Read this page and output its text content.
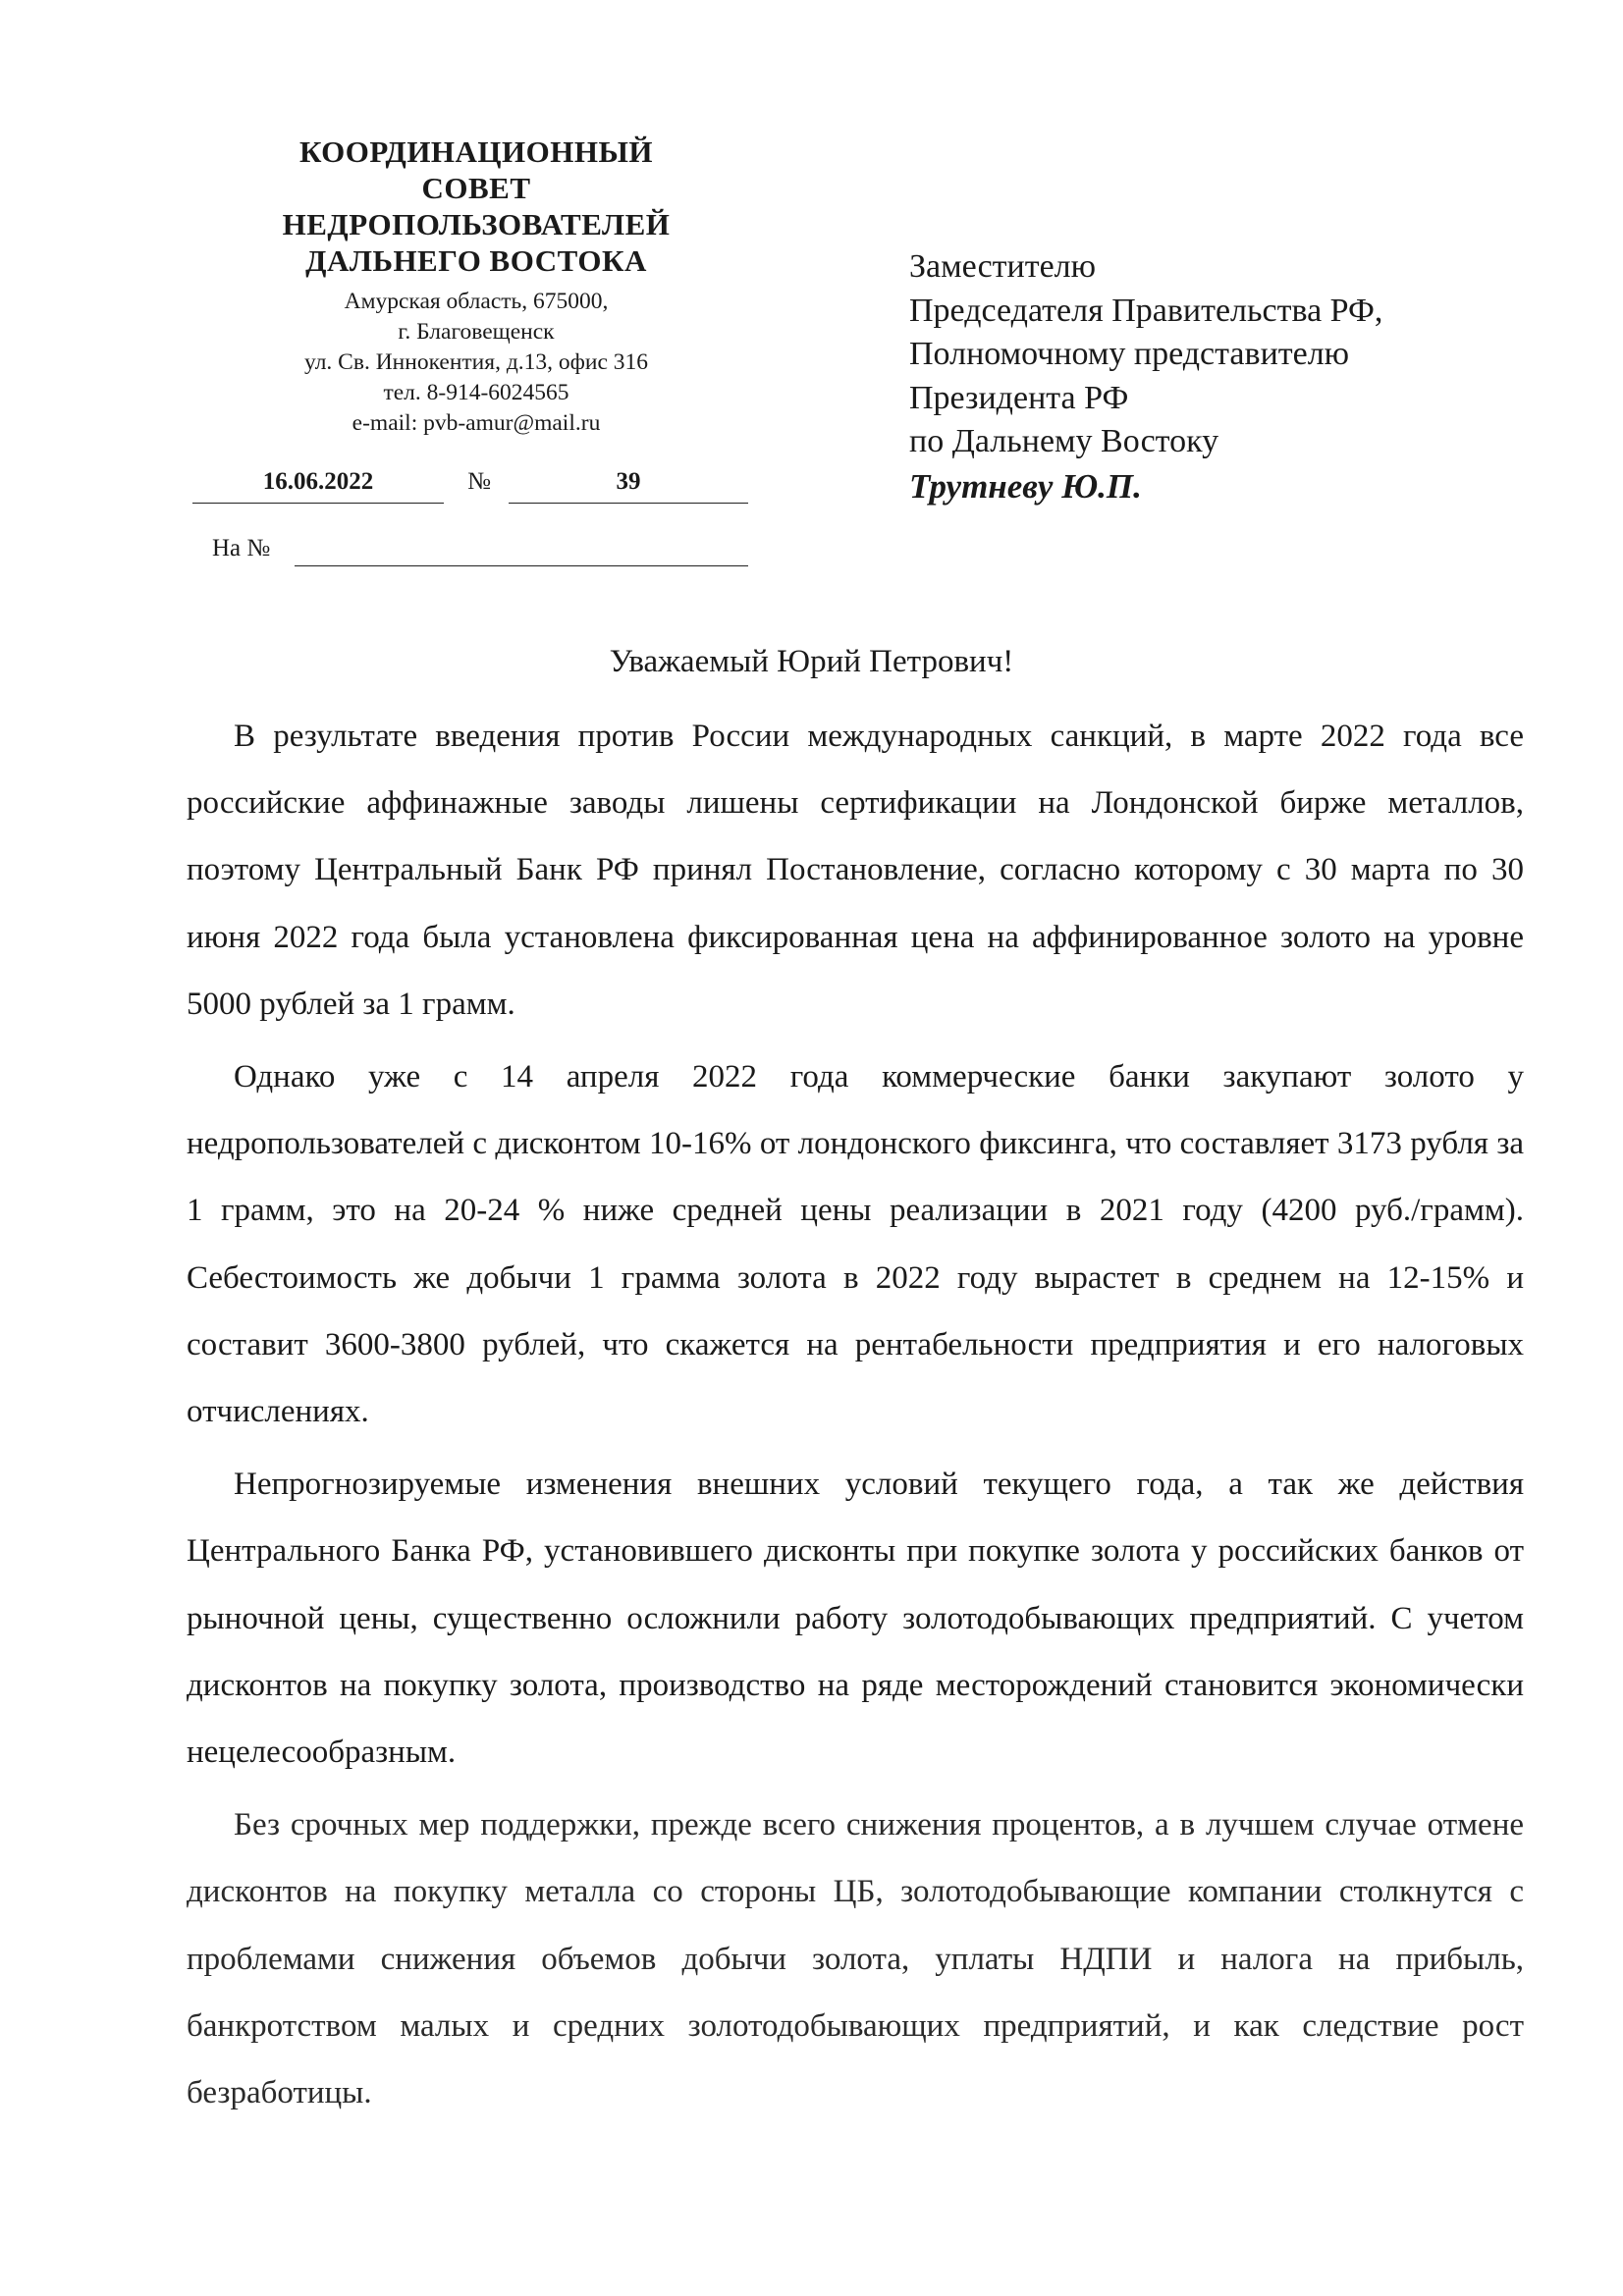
КООРДИНАЦИОННЫЙ
СОВЕТ
НЕДРОПОЛЬЗОВАТЕЛЕЙ
ДАЛЬНЕГО ВОСТОКА
Амурская область, 675000,
г. Благовещенск
ул. Св. Иннокентия, д.13, офис 316
тел. 8-914-6024565
e-mail: pvb-amur@mail.ru
16.06.2022	№	39
На №
Заместителю
Председателя Правительства РФ,
Полномочному представителю
Президента РФ
по Дальнему Востоку
Трутневу Ю.П.
Уважаемый Юрий Петрович!

В результате введения против России международных санкций, в марте 2022 года все российские аффинажные заводы лишены сертификации на Лондонской бирже металлов, поэтому Центральный Банк РФ принял Постановление, согласно которому с 30 марта по 30 июня 2022 года была установлена фиксированная цена на аффинированное золото на уровне 5000 рублей за 1 грамм.

Однако уже с 14 апреля 2022 года коммерческие банки закупают золото у недропользователей с дисконтом 10-16% от лондонского фиксинга, что составляет 3173 рубля за 1 грамм, это на 20-24 % ниже средней цены реализации в 2021 году (4200 руб./грамм). Себестоимость же добычи 1 грамма золота в 2022 году вырастет в среднем на 12-15% и составит 3600-3800 рублей, что скажется на рентабельности предприятия и его налоговых отчислениях.

Непрогнозируемые изменения внешних условий текущего года, а так же действия Центрального Банка РФ, установившего дисконты при покупке золота у российских банков от рыночной цены, существенно осложнили работу золотодобывающих предприятий. С учетом дисконтов на покупку золота, производство на ряде месторождений становится экономически нецелесообразным.

Без срочных мер поддержки, прежде всего снижения процентов, а в лучшем случае отмене дисконтов на покупку металла со стороны ЦБ, золотодобывающие компании столкнутся с проблемами снижения объемов добычи золота, уплаты НДПИ и налога на прибыль, банкротством малых и средних золотодобывающих предприятий, и как следствие рост безработицы.
